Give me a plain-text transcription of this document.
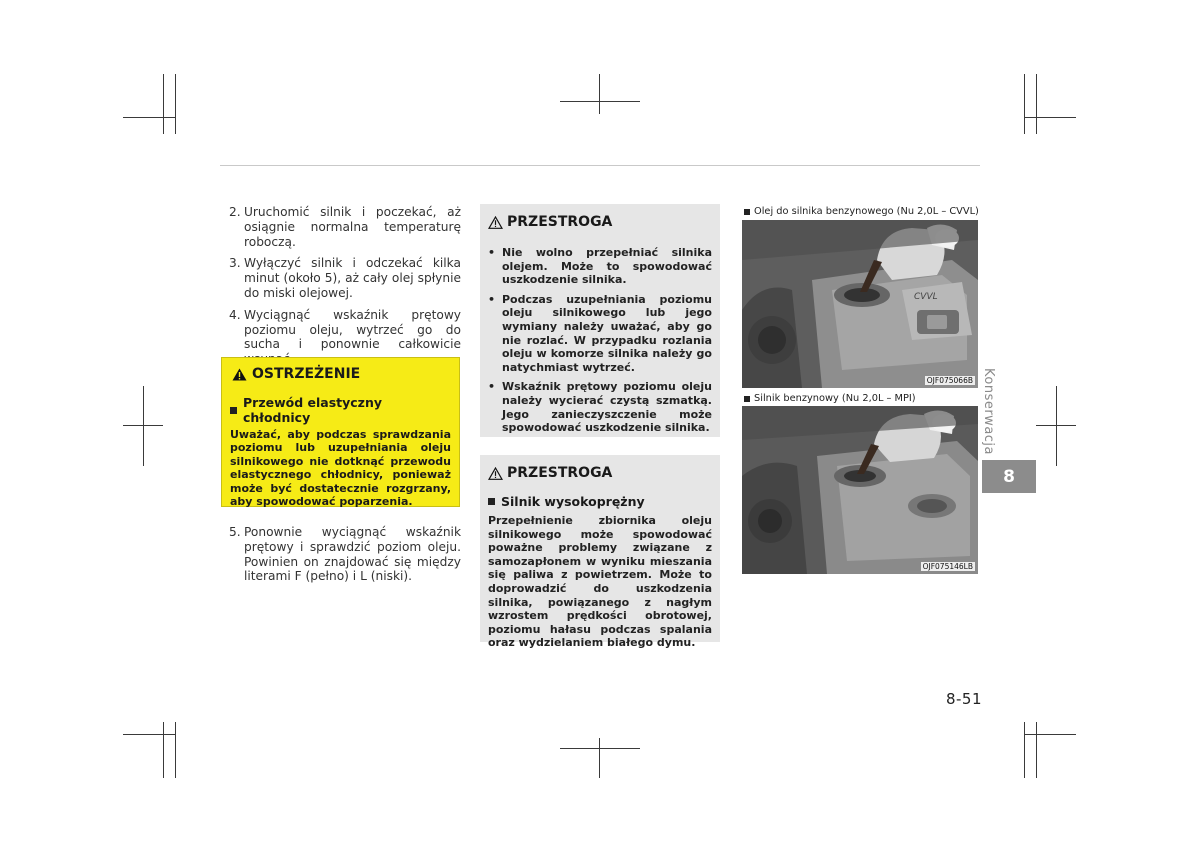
2. Uruchomić silnik i poczekać, aż osiągnie normalna temperaturę roboczą.
3. Wyłączyć silnik i odczekać kilka minut (około 5), aż cały olej spłynie do miski olejowej.
4. Wyciągnąć wskaźnik prętowy poziomu oleju, wytrzeć go do sucha i ponownie całkowicie
OSTRZEŻENIE
Przewód elastyczny chłodnicy
Uważać, aby podczas sprawdzania poziomu lub uzupełniania oleju silnikowego nie dotknąć przewodu elastycznego chłodnicy, ponieważ może być dostatecznie rozgrzany, aby spowodować poparzenia.
5. Ponownie wyciągnąć wskaźnik prętowy i sprawdzić poziom oleju. Powinien on znajdować się między literami F (pełno) i L (niski).
PRZESTROGA
• Nie wolno przepełniać silnika olejem. Może to spowodować uszkodzenie silnika.
• Podczas uzupełniania poziomu oleju silnikowego lub jego wymiany należy uważać, aby go nie rozlać. W przypadku rozlania oleju w komorze silnika należy go natychmiast wytrzeć.
• Wskaźnik prętowy poziomu oleju należy wycierać czystą szmatką. Jego zanieczyszczenie może spowodować uszkodzenie silnika.
PRZESTROGA
Silnik wysokoprężny
Przepełnienie zbiornika oleju silnikowego może spowodować poważne problemy związane z samozapłonem w wyniku mieszania się paliwa z powietrzem. Może to doprowadzić do uszkodzenia silnika, powiązanego z nagłym wzrostem prędkości obrotowej, poziomu hałasu podczas spalania oraz wydzielaniem białego dymu.
Olej do silnika benzynowego (Nu 2,0L – CVVL)
CVVL
OJF075066B
Silnik benzynowy (Nu 2,0L – MPI)
OJF075146LB
Konserwacja
8
8-51
